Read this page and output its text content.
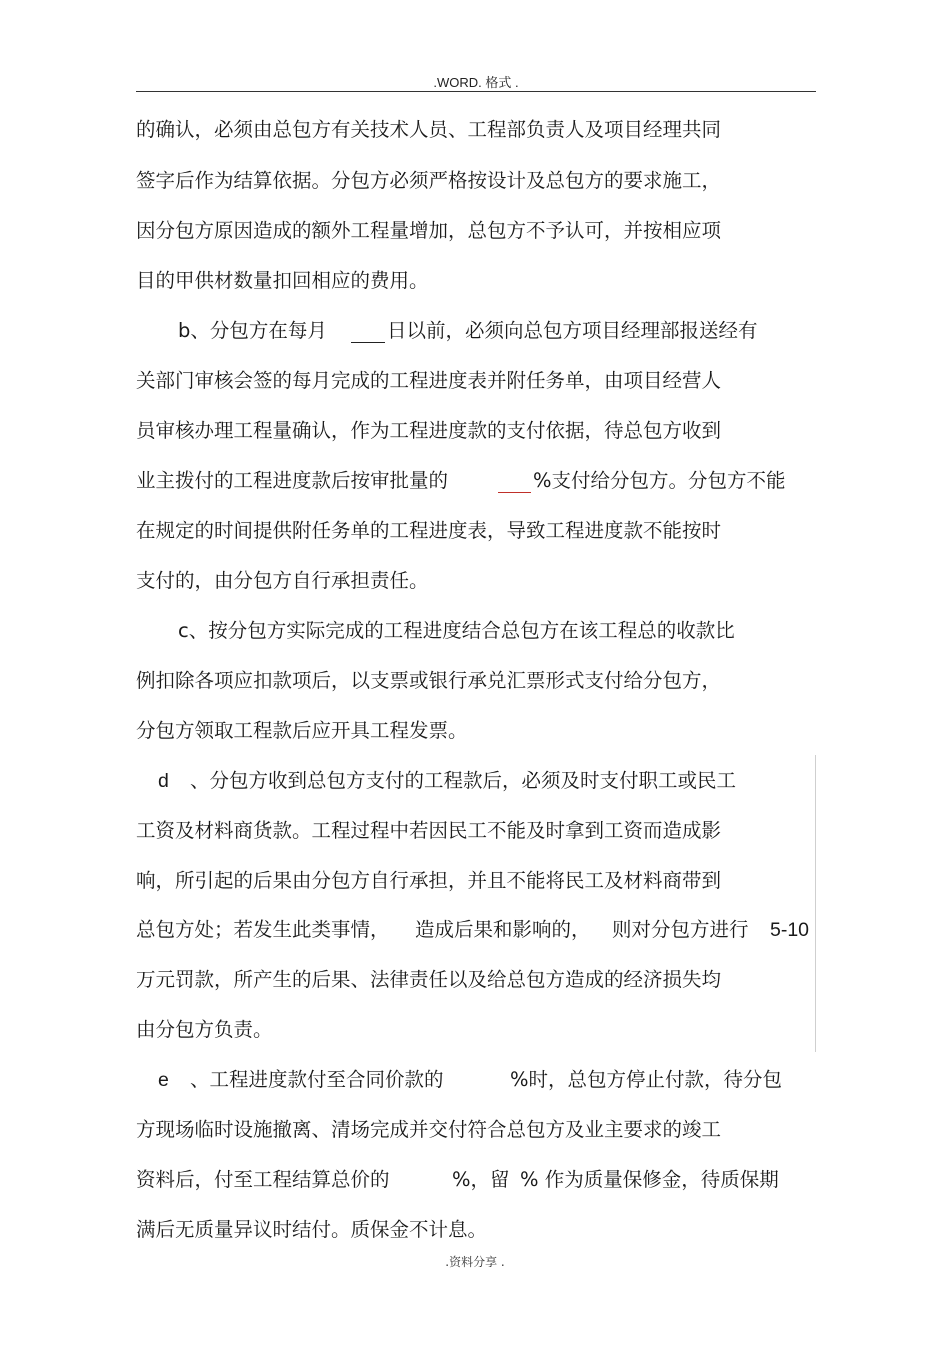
.WORD. 格式 .
的确认，必须由总包方有关技术人员、工程部负责人及项目经理共同
签字后作为结算依据。分包方必须严格按设计及总包方的要求施工，
因分包方原因造成的额外工程量增加，总包方不予认可，并按相应项
目的甲供材数量扣回相应的费用。
b、分包方在每月	日以前，必须向总包方项目经理部报送经有
关部门审核会签的每月完成的工程进度表并附任务单，由项目经营人
员审核办理工程量确认，作为工程进度款的支付依据，待总包方收到
业主拨付的工程进度款后按审批量的	%支付给分包方。分包方不能
在规定的时间提供附任务单的工程进度表，导致工程进度款不能按时
支付的，由分包方自行承担责任。
c、按分包方实际完成的工程进度结合总包方在该工程总的收款比
例扣除各项应扣款项后，以支票或银行承兑汇票形式支付给分包方，
分包方领取工程款后应开具工程发票。
d 、分包方收到总包方支付的工程款后，必须及时支付职工或民工
工资及材料商货款。工程过程中若因民工不能及时拿到工资而造成影
响，所引起的后果由分包方自行承担，并且不能将民工及材料商带到
总包方处；若发生此类事情， 造成后果和影响的， 则对分包方进行 5-10
万元罚款，所产生的后果、法律责任以及给总包方造成的经济损失均
由分包方负责。
e 、工程进度款付至合同价款的	%时，总包方停止付款，待分包
方现场临时设施撤离、清场完成并交付符合总包方及业主要求的竣工
资料后，付至工程结算总价的	%，留 % 作为质量保修金，待质保期
满后无质量异议时结付。质保金不计息。
.资料分享 .
